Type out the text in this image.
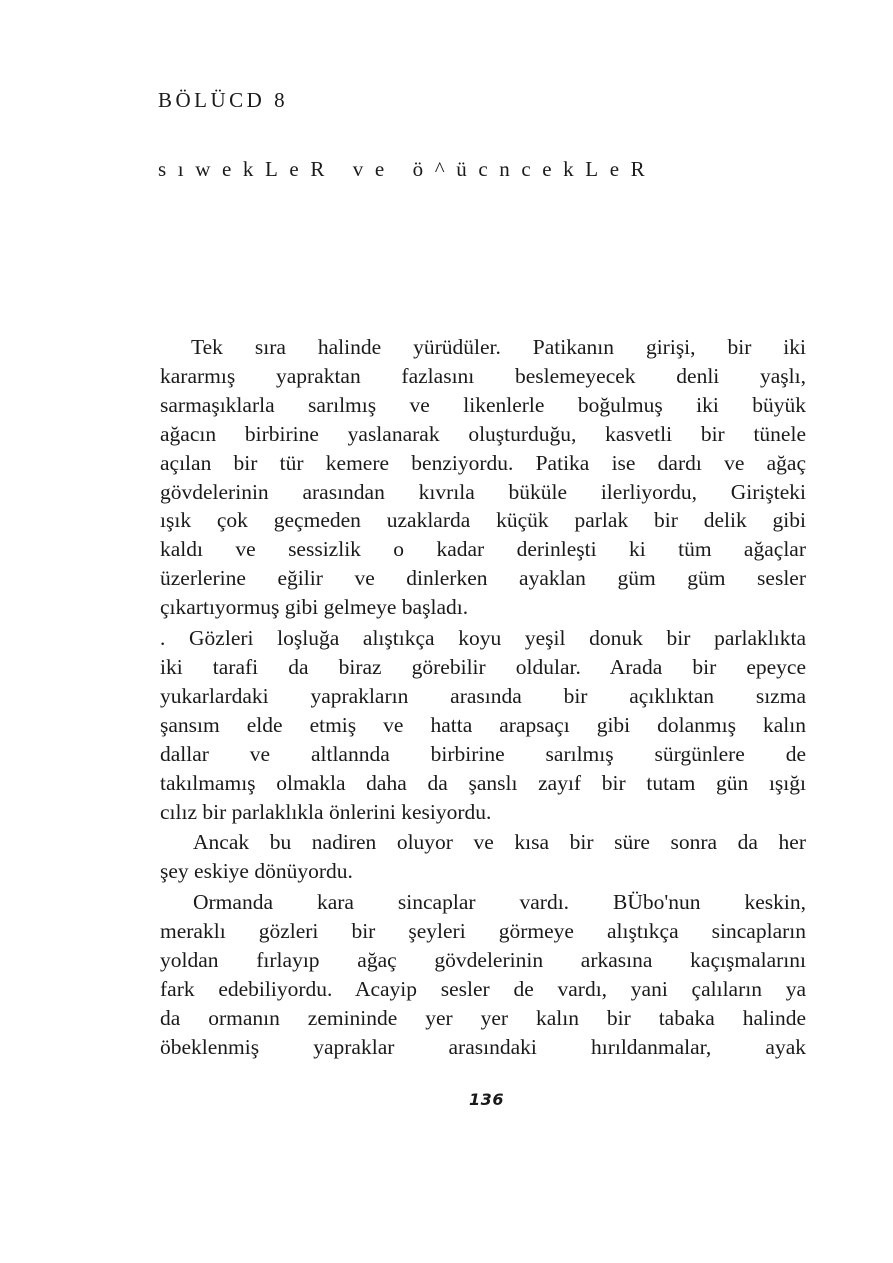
BÖLÜCD 8
sıwekLeR ve ö^ücncekLeR

Tek sıra halinde yürüdüler. Patikanın girişi, bir iki
kararmış yapraktan fazlasını beslemeyecek denli yaşlı,
sarmaşıklarla sarılmış ve likenlerle boğulmuş iki büyük
ağacın birbirine yaslanarak oluşturduğu, kasvetli bir tünele
açılan bir tür kemere benziyordu. Patika ise dardı ve ağaç
gövdelerinin arasından kıvrıla büküle ilerliyordu, Girişteki
ışık çok geçmeden uzaklarda küçük parlak bir delik gibi
kaldı ve sessizlik o kadar derinleşti ki tüm ağaçlar
üzerlerine eğilir ve dinlerken ayaklan güm güm sesler
çıkartıyormuş gibi gelmeye başladı.

. Gözleri loşluğa alıştıkça koyu yeşil donuk bir parlaklıkta
iki tarafi da biraz görebilir oldular. Arada bir epeyce
yukarlardaki yaprakların arasında bir açıklıktan sızma
şansım elde etmiş ve hatta arapsaçı gibi dolanmış kalın
dallar ve altlannda birbirine sarılmış sürgünlere de
takılmamış olmakla daha da şanslı zayıf bir tutam gün ışığı
cılız bir parlaklıkla önlerini kesiyordu.

Ancak bu nadiren oluyor ve kısa bir süre sonra da her
şey eskiye dönüyordu.

Ormanda kara sincaplar vardı. BÜbo'nun keskin,
meraklı gözleri bir şeyleri görmeye alıştıkça sincapların
yoldan fırlayıp ağaç gövdelerinin arkasına kaçışmalarını
fark edebiliyordu. Acayip sesler de vardı, yani çalıların ya
da ormanın zemininde yer yer kalın bir tabaka halinde
öbeklenmiş yapraklar arasındaki hırıldanmalar, ayak

136
